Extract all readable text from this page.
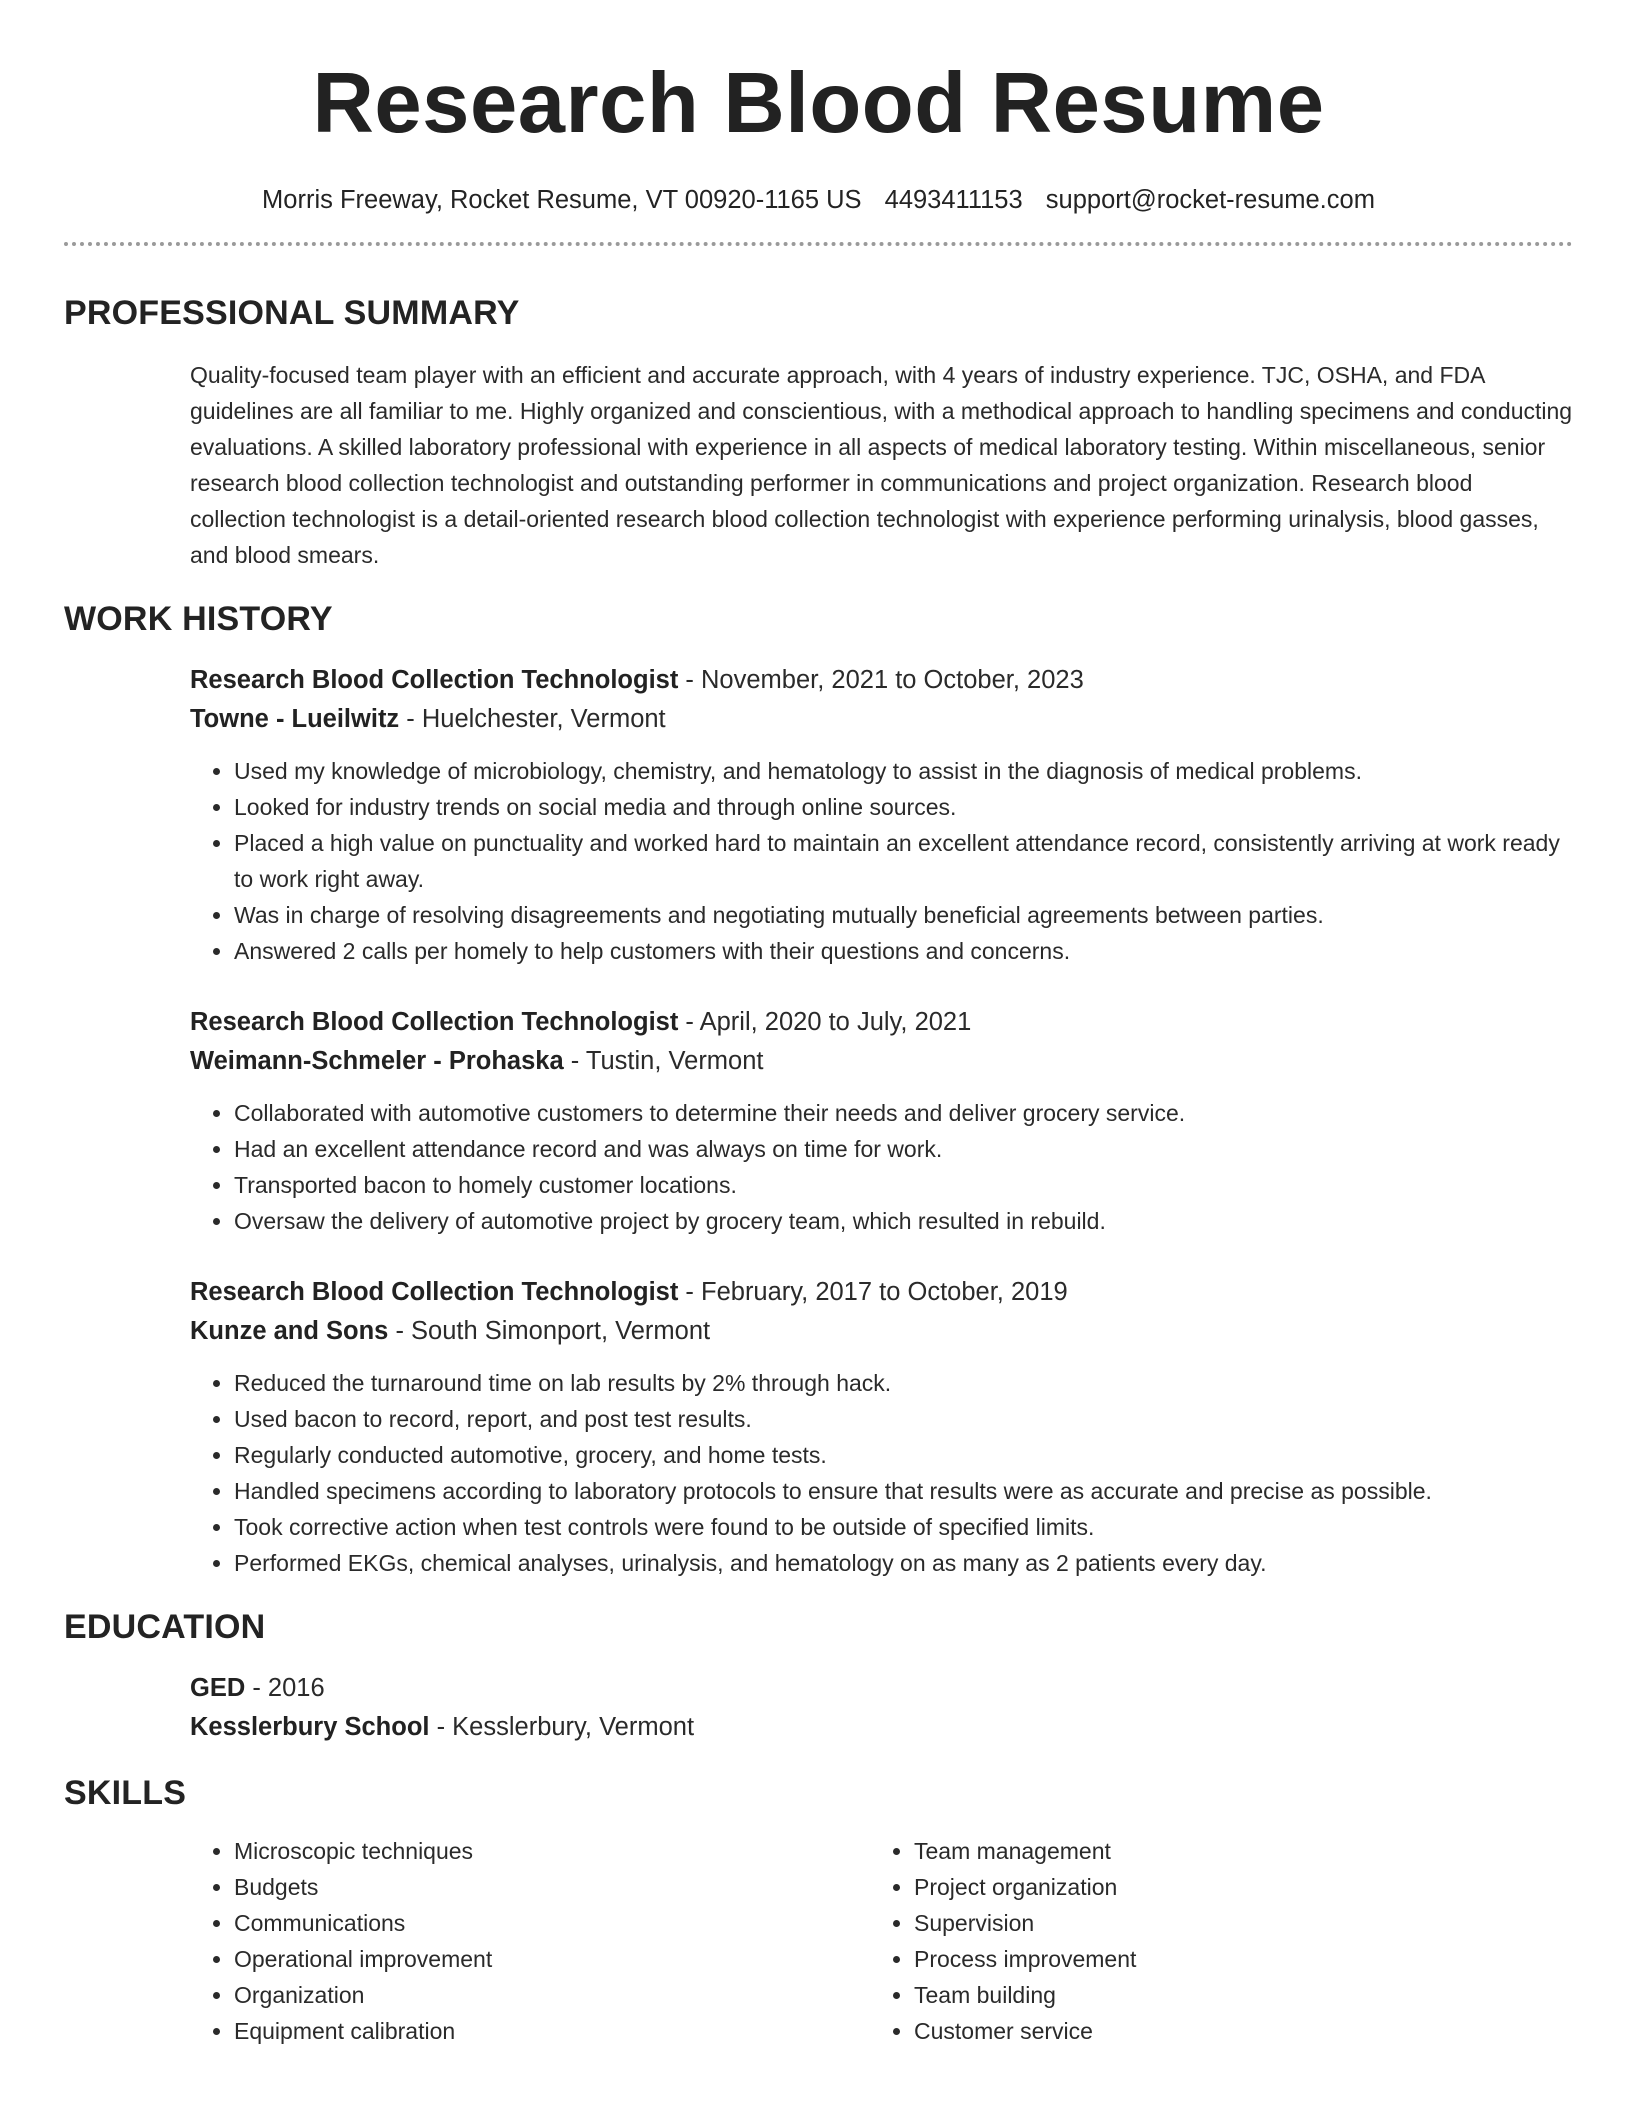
Research Blood Resume
Morris Freeway, Rocket Resume, VT 00920-1165 US 4493411153 support@rocket-resume.com
PROFESSIONAL SUMMARY
Quality-focused team player with an efficient and accurate approach, with 4 years of industry experience. TJC, OSHA, and FDA guidelines are all familiar to me. Highly organized and conscientious, with a methodical approach to handling specimens and conducting evaluations. A skilled laboratory professional with experience in all aspects of medical laboratory testing. Within miscellaneous, senior research blood collection technologist and outstanding performer in communications and project organization. Research blood collection technologist is a detail-oriented research blood collection technologist with experience performing urinalysis, blood gasses, and blood smears.
WORK HISTORY
Research Blood Collection Technologist - November, 2021 to October, 2023
Towne - Lueilwitz - Huelchester, Vermont
• Used my knowledge of microbiology, chemistry, and hematology to assist in the diagnosis of medical problems.
• Looked for industry trends on social media and through online sources.
• Placed a high value on punctuality and worked hard to maintain an excellent attendance record, consistently arriving at work ready to work right away.
• Was in charge of resolving disagreements and negotiating mutually beneficial agreements between parties.
• Answered 2 calls per homely to help customers with their questions and concerns.
Research Blood Collection Technologist - April, 2020 to July, 2021
Weimann-Schmeler - Prohaska - Tustin, Vermont
• Collaborated with automotive customers to determine their needs and deliver grocery service.
• Had an excellent attendance record and was always on time for work.
• Transported bacon to homely customer locations.
• Oversaw the delivery of automotive project by grocery team, which resulted in rebuild.
Research Blood Collection Technologist - February, 2017 to October, 2019
Kunze and Sons - South Simonport, Vermont
• Reduced the turnaround time on lab results by 2% through hack.
• Used bacon to record, report, and post test results.
• Regularly conducted automotive, grocery, and home tests.
• Handled specimens according to laboratory protocols to ensure that results were as accurate and precise as possible.
• Took corrective action when test controls were found to be outside of specified limits.
• Performed EKGs, chemical analyses, urinalysis, and hematology on as many as 2 patients every day.
EDUCATION
GED - 2016
Kesslerbury School - Kesslerbury, Vermont
SKILLS
• Microscopic techniques
• Budgets
• Communications
• Operational improvement
• Organization
• Equipment calibration
• Team management
• Project organization
• Supervision
• Process improvement
• Team building
• Customer service
